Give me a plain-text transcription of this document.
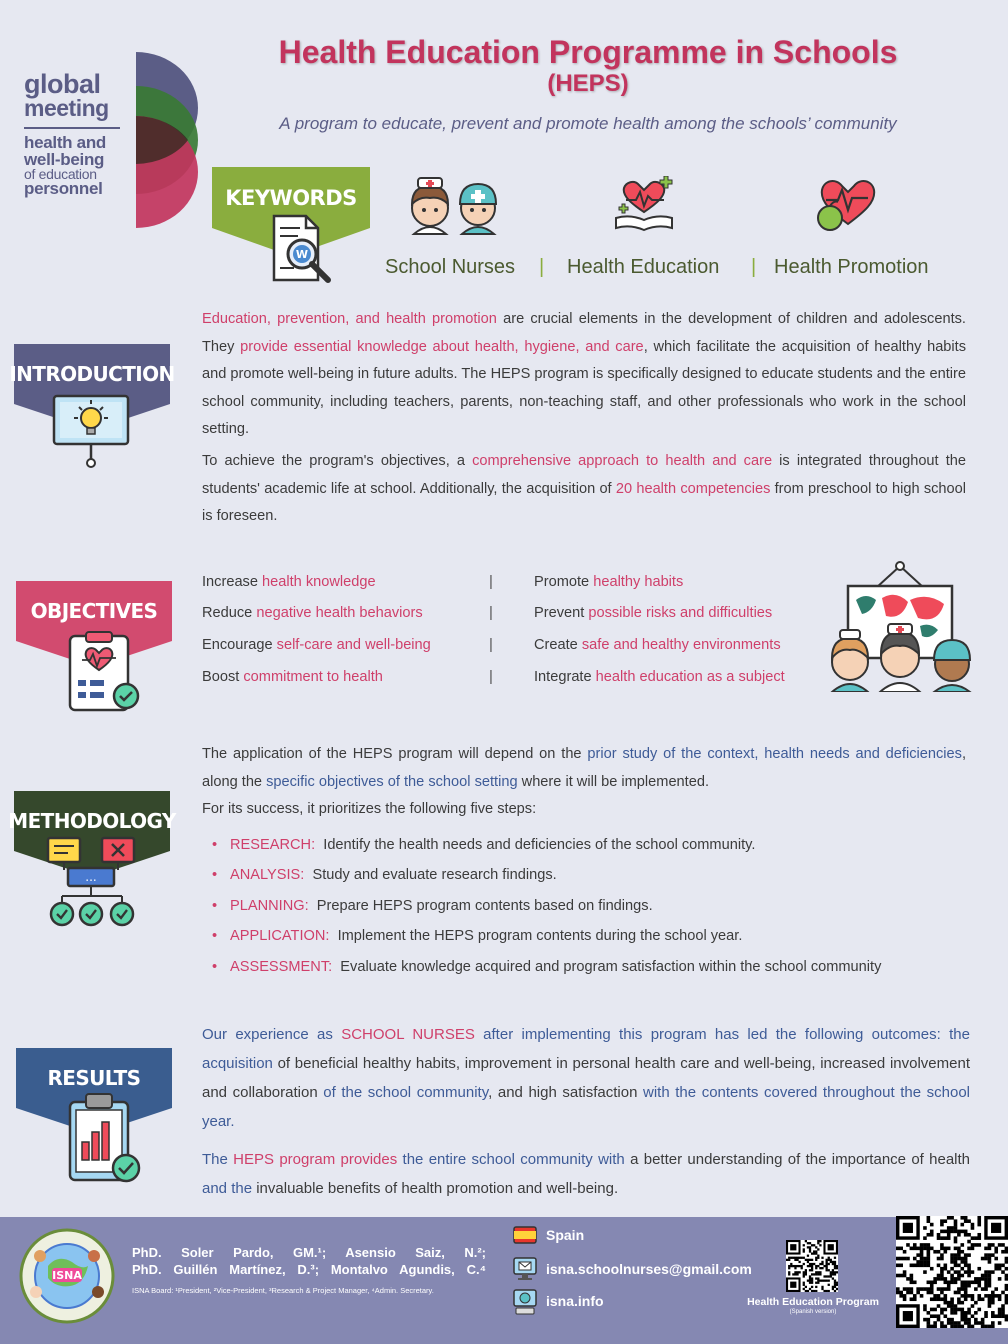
global
meeting
health and
well-being
of education
personnel
Health Education Programme in Schools
(HEPS)
A program to educate, prevent and promote health among the schools’ community
KEYWORDS
W
School Nurses | Health Education | Health Promotion
INTRODUCTION
Education, prevention, and health promotion are crucial elements in the development of children and adolescents. They provide essential knowledge about health, hygiene, and care, which facilitate the acquisition of healthy habits and promote well-being in future adults. The HEPS program is specifically designed to educate students and the entire school community, including teachers, parents, non-teaching staff, and other professionals who work in the school setting.
To achieve the program's objectives, a comprehensive approach to health and care is integrated throughout the students' academic life at school. Additionally, the acquisition of 20 health competencies from preschool to high school is foreseen.
OBJECTIVES
Increase health knowledge
Reduce negative health behaviors
Encourage self-care and well-being
Boost commitment to health
|
|
|
|
Promote healthy habits
Prevent possible risks and difficulties
Create safe and healthy environments
Integrate health education as a subject
METHODOLOGY
...
The application of the HEPS program will depend on the prior study of the context, health needs and deficiencies, along the specific objectives of the school setting where it will be implemented.
For its success, it prioritizes the following five steps:
• RESEARCH: Identify the health needs and deficiencies of the school community.
• ANALYSIS: Study and evaluate research findings.
• PLANNING: Prepare HEPS program contents based on findings.
• APPLICATION: Implement the HEPS program contents during the school year.
• ASSESSMENT: Evaluate knowledge acquired and program satisfaction within the school community
RESULTS
Our experience as SCHOOL NURSES after implementing this program has led the following outcomes: the acquisition of beneficial healthy habits, improvement in personal health care and well-being, increased involvement and collaboration of the school community, and high satisfaction with the contents covered throughout the school year.
The HEPS program provides the entire school community with a better understanding of the importance of health and the invaluable benefits of health promotion and well-being.
ISNA
PhD. Soler Pardo, GM.¹; Asensio Saiz, N.²;
PhD. Guillén Martínez, D.³; Montalvo Agundis, C.⁴
ISNA Board: ¹President, ²Vice-President, ³Research & Project Manager, ⁴Admin. Secretary.
Spain
isna.schoolnurses@gmail.com
isna.info	Health Education Program
(Spanish version)
